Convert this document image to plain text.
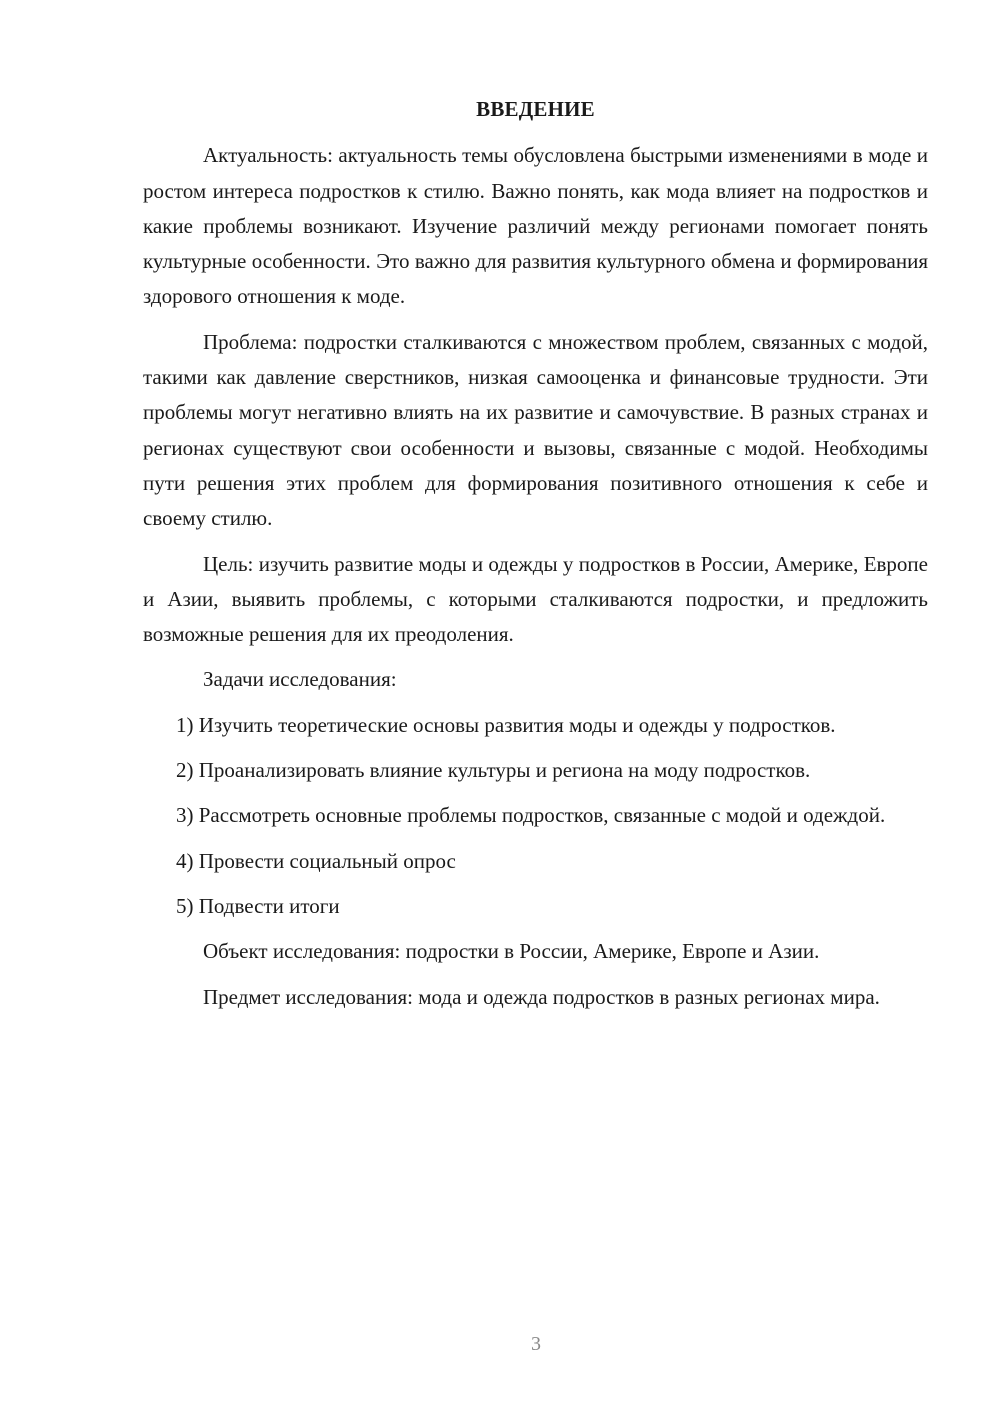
ВВЕДЕНИЕ

Актуальность: актуальность темы обусловлена быстрыми изменениями в моде и ростом интереса подростков к стилю. Важно понять, как мода влияет на подростков и какие проблемы возникают. Изучение различий между регионами помогает понять культурные особенности. Это важно для развития культурного обмена и формирования здорового отношения к моде.

Проблема: подростки сталкиваются с множеством проблем, связанных с модой, такими как давление сверстников, низкая самооценка и финансовые трудности. Эти проблемы могут негативно влиять на их развитие и самочувствие. В разных странах и регионах существуют свои особенности и вызовы, связанные с модой. Необходимы пути решения этих проблем для формирования позитивного отношения к себе и своему стилю.

Цель: изучить развитие моды и одежды у подростков в России, Америке, Европе и Азии, выявить проблемы, с которыми сталкиваются подростки, и предложить возможные решения для их преодоления.

Задачи исследования:

1) Изучить теоретические основы развития моды и одежды у подростков.

2) Проанализировать влияние культуры и региона на моду подростков.

3) Рассмотреть основные проблемы подростков, связанные с модой и одеждой.

4) Провести социальный опрос

5) Подвести итоги

Объект исследования: подростки в России, Америке, Европе и Азии.

Предмет исследования: мода и одежда подростков в разных регионах мира.

3
